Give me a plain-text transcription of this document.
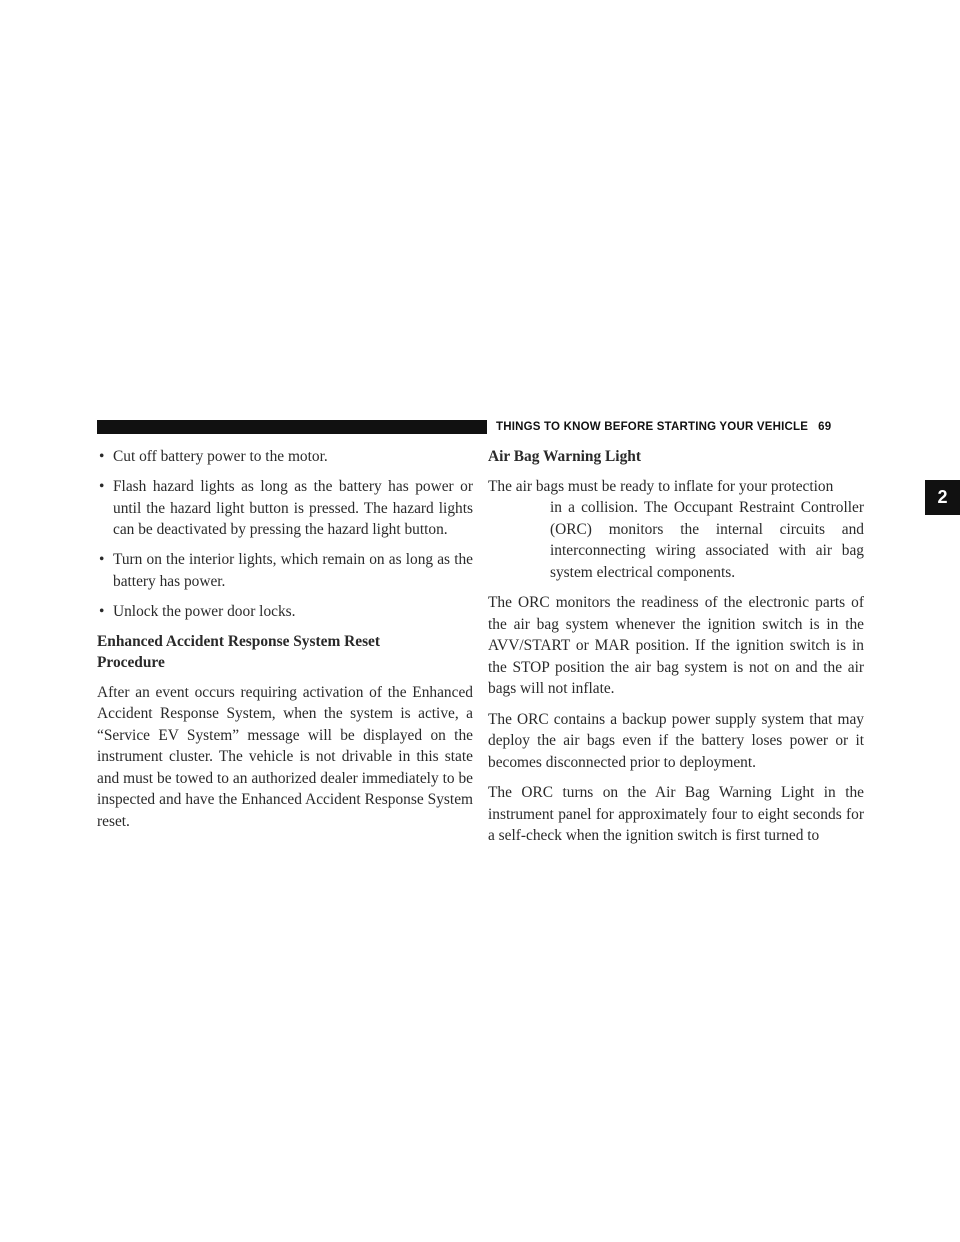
THINGS TO KNOW BEFORE STARTING YOUR VEHICLE 69
2
• Cut off battery power to the motor.
• Flash hazard lights as long as the battery has power or until the hazard light button is pressed. The hazard lights can be deactivated by pressing the hazard light button.
• Turn on the interior lights, which remain on as long as the battery has power.
• Unlock the power door locks.
Enhanced Accident Response System Reset
Procedure

After an event occurs requiring activation of the Enhanced Accident Response System, when the system is active, a “Service EV System” message will be displayed on the instrument cluster. The vehicle is not drivable in this state and must be towed to an authorized dealer immediately to be inspected and have the Enhanced Accident Response System reset.

Air Bag Warning Light
The air bags must be ready to inflate for your protection
in a collision. The Occupant Restraint Controller (ORC) monitors the internal circuits and interconnecting wiring associated with air bag system electrical components.

The ORC monitors the readiness of the electronic parts of the air bag system whenever the ignition switch is in the AVV/START or MAR position. If the ignition switch is in the STOP position the air bag system is not on and the air bags will not inflate.

The ORC contains a backup power supply system that may deploy the air bags even if the battery loses power or it becomes disconnected prior to deployment.

The ORC turns on the Air Bag Warning Light in the instrument panel for approximately four to eight seconds for a self-check when the ignition switch is first turned to
